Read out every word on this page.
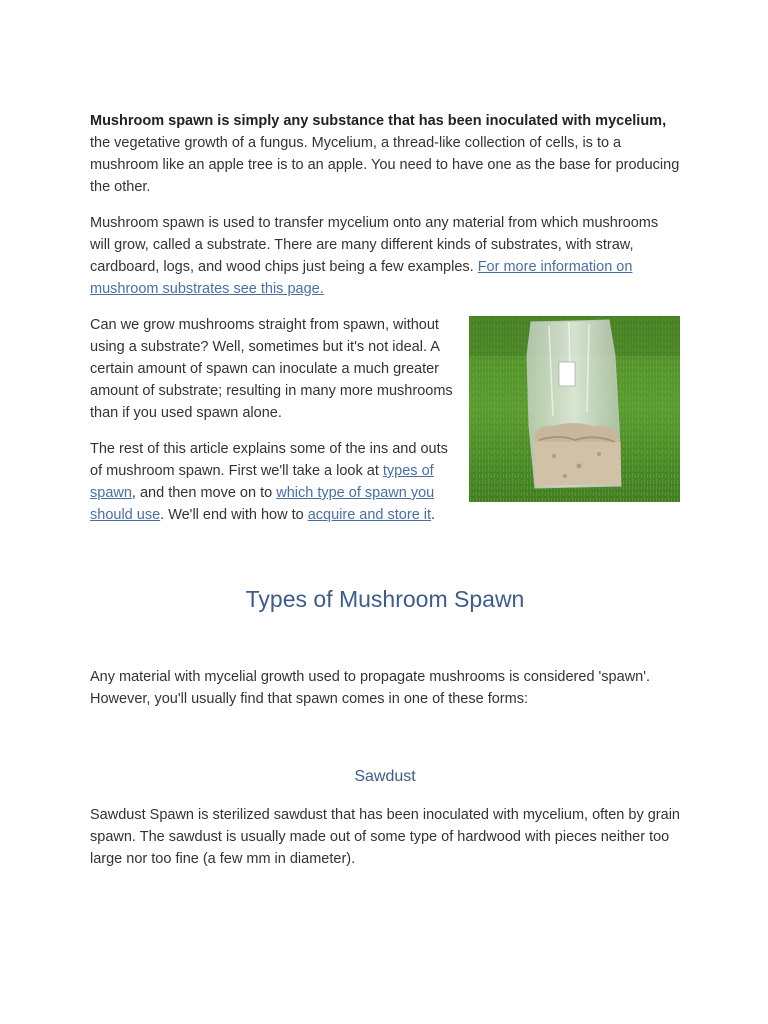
Mushroom spawn is simply any substance that has been inoculated with mycelium, the vegetative growth of a fungus. Mycelium, a thread-like collection of cells, is to a mushroom like an apple tree is to an apple. You need to have one as the base for producing the other.

Mushroom spawn is used to transfer mycelium onto any material from which mushrooms will grow, called a substrate. There are many different kinds of substrates, with straw, cardboard, logs, and wood chips just being a few examples. For more information on mushroom substrates see this page.

Can we grow mushrooms straight from spawn, without using a substrate? Well, sometimes but it's not ideal. A certain amount of spawn can inoculate a much greater amount of substrate; resulting in many more mushrooms than if you used spawn alone.

The rest of this article explains some of the ins and outs of mushroom spawn. First we'll take a look at types of spawn, and then move on to which type of spawn you should use. We'll end with how to acquire and store it.

Types of Mushroom Spawn

Any material with mycelial growth used to propagate mushrooms is considered 'spawn'. However, you'll usually find that spawn comes in one of these forms:

Sawdust

Sawdust Spawn is sterilized sawdust that has been inoculated with mycelium, often by grain spawn. The sawdust is usually made out of some type of hardwood with pieces neither too large nor too fine (a few mm in diameter).
